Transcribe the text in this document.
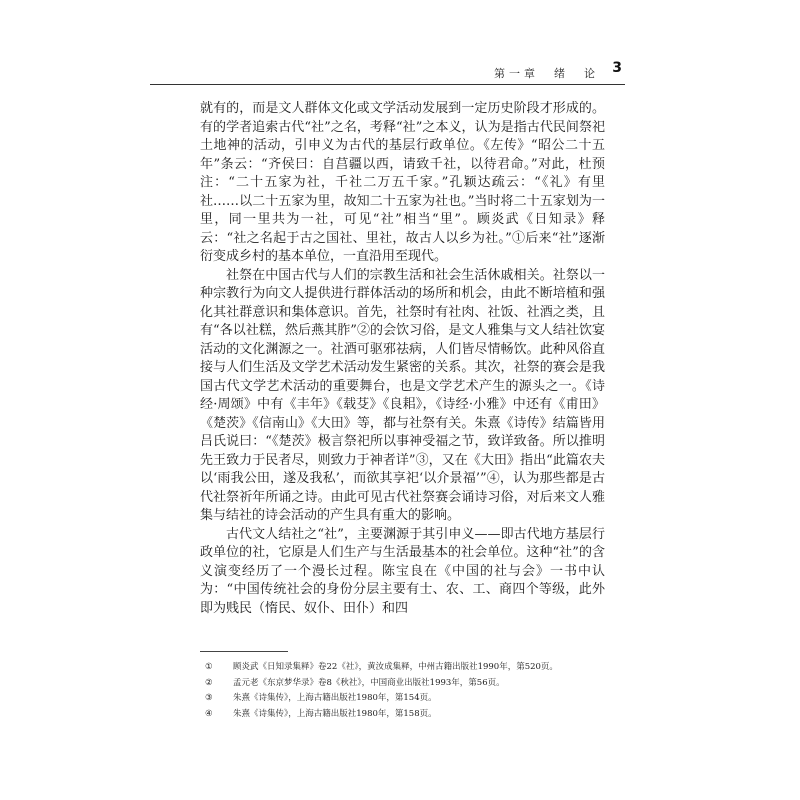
第一章　绪　论 3

就有的，而是文人群体文化或文学活动发展到一定历史阶段才形成的。有的学者追索古代“社”之名，考释“社”之本义，认为是指古代民间祭祀土地神的活动，引申义为古代的基层行政单位。《左传》“昭公二十五年”条云：“齐侯曰：自莒疆以西，请致千社，以待君命。”对此，杜预注：“二十五家为社，千社二万五千家。”孔颖达疏云：“《礼》有里社……以二十五家为里，故知二十五家为社也。”当时将二十五家划为一里，同一里共为一社，可见“社”相当“里”。顾炎武《日知录》释云：“社之名起于古之国社、里社，故古人以乡为社。”①后来“社”逐渐衍变成乡村的基本单位，一直沿用至现代。

社祭在中国古代与人们的宗教生活和社会生活休戚相关。社祭以一种宗教行为向文人提供进行群体活动的场所和机会，由此不断培植和强化其社群意识和集体意识。首先，社祭时有社肉、社饭、社酒之类，且有“各以社糕，然后燕其胙”②的会饮习俗，是文人雅集与文人结社饮宴活动的文化渊源之一。社酒可驱邪祛病，人们皆尽情畅饮。此种风俗直接与人们生活及文学艺术活动发生紧密的关系。其次，社祭的赛会是我国古代文学艺术活动的重要舞台，也是文学艺术产生的源头之一。《诗经·周颂》中有《丰年》《载芟》《良耜》，《诗经·小雅》中还有《甫田》《楚茨》《信南山》《大田》等，都与社祭有关。朱熹《诗传》结篇皆用吕氏说曰：“《楚茨》极言祭祀所以事神受福之节，致详致备。所以推明先王致力于民者尽，则致力于神者详”③，又在《大田》指出“此篇农夫以‘雨我公田，遂及我私’，而欲其享祀‘以介景福’”④，认为那些都是古代社祭祈年所诵之诗。由此可见古代社祭赛会诵诗习俗，对后来文人雅集与结社的诗会活动的产生具有重大的影响。

古代文人结社之“社”，主要渊源于其引申义——即古代地方基层行政单位的社，它原是人们生产与生活最基本的社会单位。这种“社”的含义演变经历了一个漫长过程。陈宝良在《中国的社与会》一书中认为：“中国传统社会的身份分层主要有士、农、工、商四个等级，此外即为贱民（惰民、奴仆、田仆）和四

① 顾炎武《日知录集释》卷22《社》，黄汝成集释，中州古籍出版社1990年，第520页。
② 孟元老《东京梦华录》卷8《秋社》，中国商业出版社1993年，第56页。
③ 朱熹《诗集传》，上海古籍出版社1980年，第154页。
④ 朱熹《诗集传》，上海古籍出版社1980年，第158页。
